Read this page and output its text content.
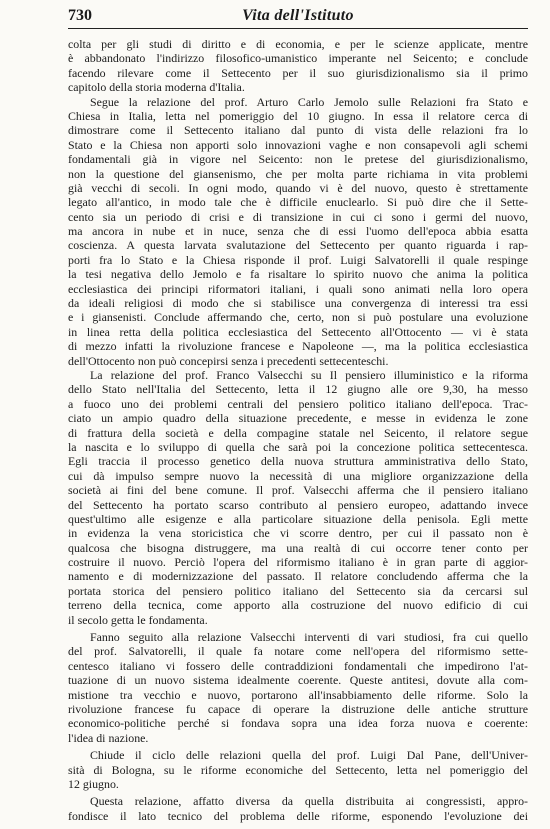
730	Vita dell'Istituto
colta per gli studi di diritto e di economia, e per le scienze applicate, mentre
è abbandonato l'indirizzo filosofico-umanistico imperante nel Seicento; e conclude
facendo rilevare come il Settecento per il suo giurisdizionalismo sia il primo
capitolo della storia moderna d'Italia.
Segue la relazione del prof. Arturo Carlo Jemolo sulle Relazioni fra Stato e
Chiesa in Italia, letta nel pomeriggio del 10 giugno. In essa il relatore cerca di
dimostrare come il Settecento italiano dal punto di vista delle relazioni fra lo
Stato e la Chiesa non apporti solo innovazioni vaghe e non consapevoli agli schemi
fondamentali già in vigore nel Seicento: non le pretese del giurisdizionalismo,
non la questione del giansenismo, che per molta parte richiama in vita problemi
già vecchi di secoli. In ogni modo, quando vi è del nuovo, questo è strettamente
legato all'antico, in modo tale che è difficile enuclearlo. Si può dire che il Sette-
cento sia un periodo di crisi e di transizione in cui ci sono i germi del nuovo,
ma ancora in nube et in nuce, senza che di essi l'uomo dell'epoca abbia esatta
coscienza. A questa larvata svalutazione del Settecento per quanto riguarda i rap-
porti fra lo Stato e la Chiesa risponde il prof. Luigi Salvatorelli il quale respinge
la tesi negativa dello Jemolo e fa risaltare lo spirito nuovo che anima la politica
ecclesiastica dei principi riformatori italiani, i quali sono animati nella loro opera
da ideali religiosi di modo che si stabilisce una convergenza di interessi tra essi
e i giansenisti. Conclude affermando che, certo, non si può postulare una evoluzione
in linea retta della politica ecclesiastica del Settecento all'Ottocento — vi è stata
di mezzo infatti la rivoluzione francese e Napoleone —, ma la politica ecclesiastica
dell'Ottocento non può concepirsi senza i precedenti settecenteschi.
La relazione del prof. Franco Valsecchi su Il pensiero illuministico e la riforma
dello Stato nell'Italia del Settecento, letta il 12 giugno alle ore 9,30, ha messo
a fuoco uno dei problemi centrali del pensiero politico italiano dell'epoca. Trac-
ciato un ampio quadro della situazione precedente, e messe in evidenza le zone
di frattura della società e della compagine statale nel Seicento, il relatore segue
la nascita e lo sviluppo di quella che sarà poi la concezione politica settecentesca.
Egli traccia il processo genetico della nuova struttura amministrativa dello Stato,
cui dà impulso sempre nuovo la necessità di una migliore organizzazione della
società ai fini del bene comune. Il prof. Valsecchi afferma che il pensiero italiano
del Settecento ha portato scarso contributo al pensiero europeo, adattando invece
quest'ultimo alle esigenze e alla particolare situazione della penisola. Egli mette
in evidenza la vena storicistica che vi scorre dentro, per cui il passato non è
qualcosa che bisogna distruggere, ma una realtà di cui occorre tener conto per
costruire il nuovo. Perciò l'opera del riformismo italiano è in gran parte di aggior-
namento e di modernizzazione del passato. Il relatore concludendo afferma che la
portata storica del pensiero politico italiano del Settecento sia da cercarsi sul
terreno della tecnica, come apporto alla costruzione del nuovo edificio di cui
il secolo getta le fondamenta.
Fanno seguito alla relazione Valsecchi interventi di vari studiosi, fra cui quello
del prof. Salvatorelli, il quale fa notare come nell'opera del riformismo sette-
centesco italiano vi fossero delle contraddizioni fondamentali che impedirono l'at-
tuazione di un nuovo sistema idealmente coerente. Queste antitesi, dovute alla com-
mistione tra vecchio e nuovo, portarono all'insabbiamento delle riforme. Solo la
rivoluzione francese fu capace di operare la distruzione delle antiche strutture
economico-politiche perché si fondava sopra una idea forza nuova e coerente:
l'idea di nazione.
Chiude il ciclo delle relazioni quella del prof. Luigi Dal Pane, dell'Univer-
sità di Bologna, su le riforme economiche del Settecento, letta nel pomeriggio del
12 giugno.
Questa relazione, affatto diversa da quella distribuita ai congressisti, appro-
fondisce il lato tecnico del problema delle riforme, esponendo l'evoluzione dei
